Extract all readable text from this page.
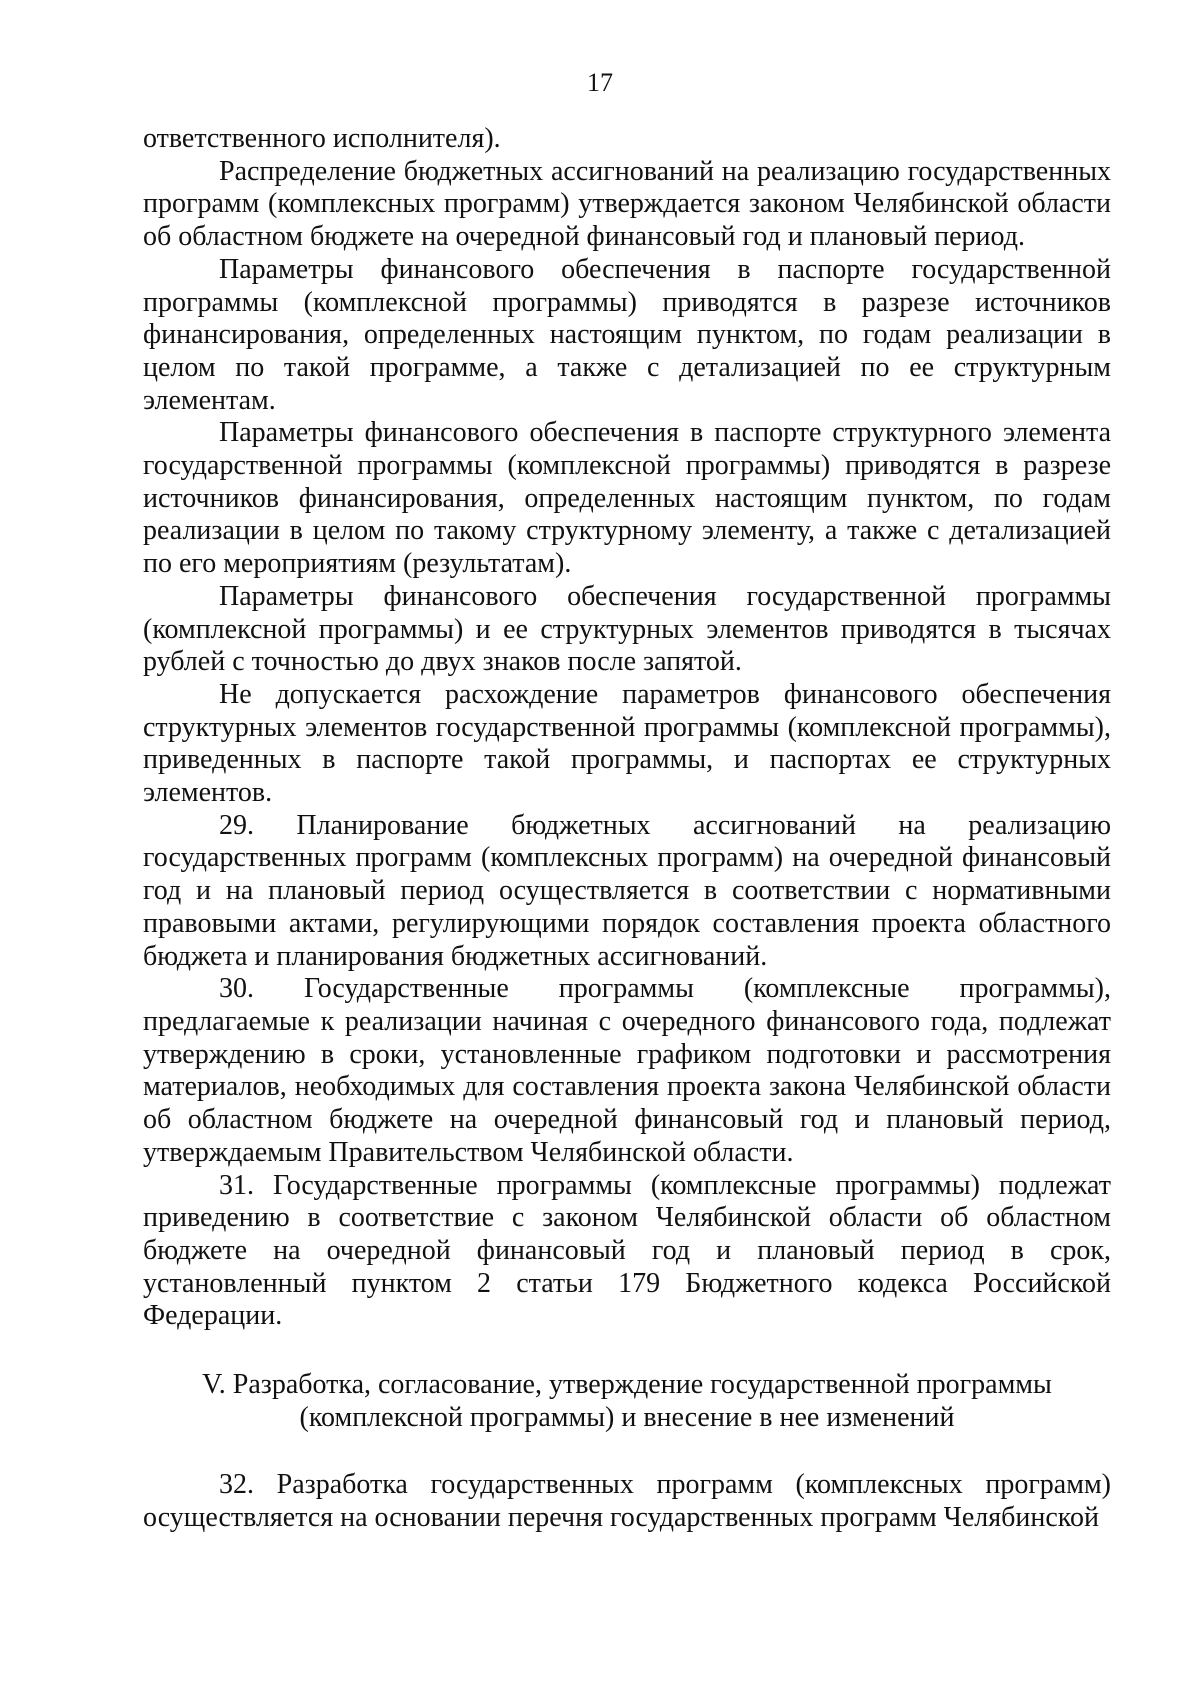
17

ответственного исполнителя).

Распределение бюджетных ассигнований на реализацию государственных программ (комплексных программ) утверждается законом Челябинской области об областном бюджете на очередной финансовый год и плановый период.

Параметры финансового обеспечения в паспорте государственной программы (комплексной программы) приводятся в разрезе источников финансирования, определенных настоящим пунктом, по годам реализации в целом по такой программе, а также с детализацией по ее структурным элементам.

Параметры финансового обеспечения в паспорте структурного элемента государственной программы (комплексной программы) приводятся в разрезе источников финансирования, определенных настоящим пунктом, по годам реализации в целом по такому структурному элементу, а также с детализацией по его мероприятиям (результатам).

Параметры финансового обеспечения государственной программы (комплексной программы) и ее структурных элементов приводятся в тысячах рублей с точностью до двух знаков после запятой.

Не допускается расхождение параметров финансового обеспечения структурных элементов государственной программы (комплексной программы), приведенных в паспорте такой программы, и паспортах ее структурных элементов.

29. Планирование бюджетных ассигнований на реализацию государственных программ (комплексных программ) на очередной финансовый год и на плановый период осуществляется в соответствии с нормативными правовыми актами, регулирующими порядок составления проекта областного бюджета и планирования бюджетных ассигнований.

30. Государственные программы (комплексные программы), предлагаемые к реализации начиная с очередного финансового года, подлежат утверждению в сроки, установленные графиком подготовки и рассмотрения материалов, необходимых для составления проекта закона Челябинской области об областном бюджете на очередной финансовый год и плановый период, утверждаемым Правительством Челябинской области.

31. Государственные программы (комплексные программы) подлежат приведению в соответствие с законом Челябинской области об областном бюджете на очередной финансовый год и плановый период в срок, установленный пунктом 2 статьи 179 Бюджетного кодекса Российской Федерации.

V. Разработка, согласование, утверждение государственной программы
(комплексной программы) и внесение в нее изменений

32. Разработка государственных программ (комплексных программ) осуществляется на основании перечня государственных программ Челябинской
